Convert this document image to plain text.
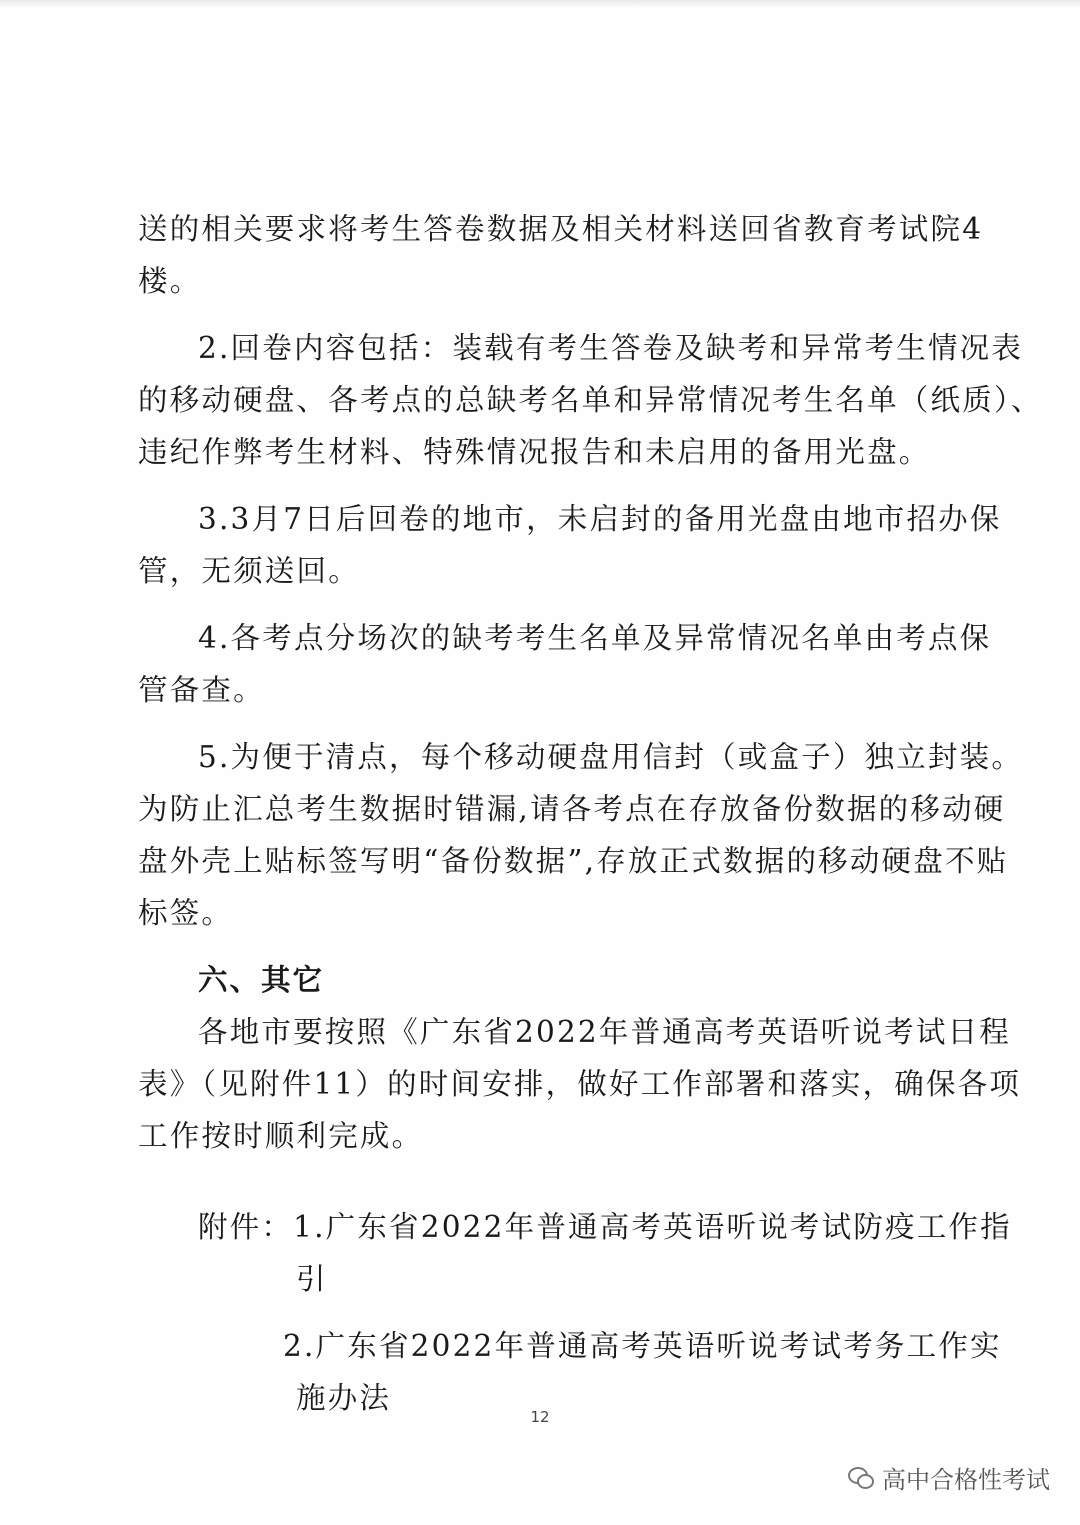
送的相关要求将考生答卷数据及相关材料送回省教育考试院4
楼。
2.回卷内容包括：装载有考生答卷及缺考和异常考生情况表
的移动硬盘、各考点的总缺考名单和异常情况考生名单（纸质）、
违纪作弊考生材料、特殊情况报告和未启用的备用光盘。
3.3月7日后回卷的地市，未启封的备用光盘由地市招办保
管，无须送回。
4.各考点分场次的缺考考生名单及异常情况名单由考点保
管备查。
5.为便于清点，每个移动硬盘用信封（或盒子）独立封装。
为防止汇总考生数据时错漏,请各考点在存放备份数据的移动硬
盘外壳上贴标签写明“备份数据”,存放正式数据的移动硬盘不贴
标签。
六、其它
各地市要按照《广东省2022年普通高考英语听说考试日程
表》（见附件11）的时间安排，做好工作部署和落实，确保各项
工作按时顺利完成。
附件：1.广东省2022年普通高考英语听说考试防疫工作指
引
2.广东省2022年普通高考英语听说考试考务工作实
施办法
12
高中合格性考试
